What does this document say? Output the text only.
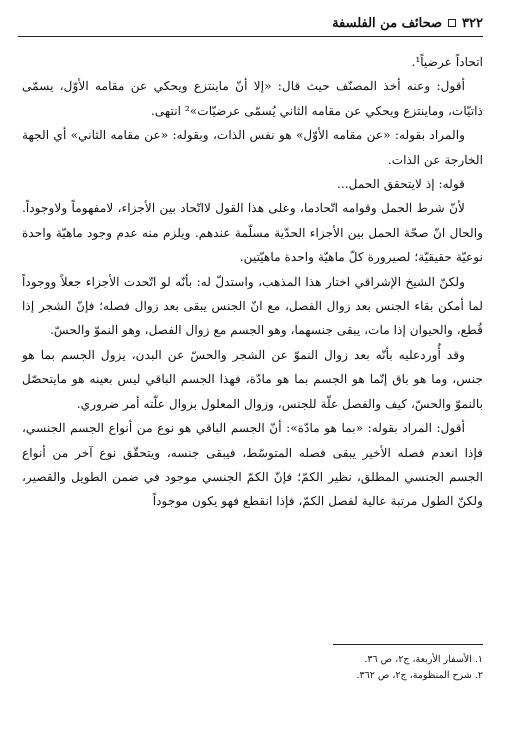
٣٢٢
صحائف من الفلسفة

اتحاداً عرضياً¹.

أقول: وعنه أخذ المصنّف حيث قال: «إلا أنّ ماينتزع ويحكي عن مقامه الأوّل، يسمّى ذاتيّات، وماينتزع ويحكي عن مقامه الثاني يُسمّى عرضيّات»² انتهى.

والمراد بقوله: «عن مقامه الأوّل» هو نفس الذات، وبقوله: «عن مقامه الثاني» أي الجهة الخارجة عن الذات.

قوله: إذ لايتحقق الحمل...

لأنّ شرط الحمل وقوامه اتّحادما، وعلى هذا القول لااتّحاد بين الأجزاء، لامفهوماً ولاوجوداً. والحال انّ صحّة الحمل بين الأجزاء الحدّية مسلّمة عندهم. ويلزم منه عدم وجود ماهيّة واحدة نوعيّة حقيقيّة؛ لصيرورة كلّ ماهيّة واحدة ماهيّتين.

ولكنّ الشيخ الإشراقي اختار هذا المذهب، واستدلّ له: بأنّه لو اتّحدت الأجزاء جعلاً ووجوداً لما أمكن بقاء الجنس بعد زوال الفصل، مع انّ الجنس يبقى بعد زوال فصله؛ فإنّ الشجر إذا قُطع، والحيوان إذا مات، يبقى جنسهما، وهو الجسم مع زوال الفصل، وهو النموّ والحسّ.

وقد أُوردعليه بأنّه بعد زوال النموّ عن الشجر والحسّ عن البدن، يزول الجسم بما هو جنس، وما هو باق إنّما هو الجسم بما هو مادّة، فهذا الجسم الباقي ليس بعينه هو مايتحصّل بالنموّ والحسّ، كيف والفصل علّة للجنس، وزوال المعلول بزوال علّته أمر ضروري.

أقول: المراد بقوله: «بما هو مادّة»: أنّ الجسم الباقي هو نوع من أنواع الجسم الجنسي، فإذا انعدم فصله الأخير يبقى فصله المتوسّط، فيبقى جنسه، ويتحقّق نوع آخر من أنواع الجسم الجنسي المطلق، نظير الكمّ؛ فإنّ الكمّ الجنسي موجود في ضمن الطويل والقصير، ولكنّ الطول مرتبة عالية لفصل الكمّ، فإذا انقطع فهو يكون موجوداً

١. الأسفار الأربعة، ج٢، ص ٣٦.
٢. شرح المنظومة، ج٢، ص ٣٦٢.
